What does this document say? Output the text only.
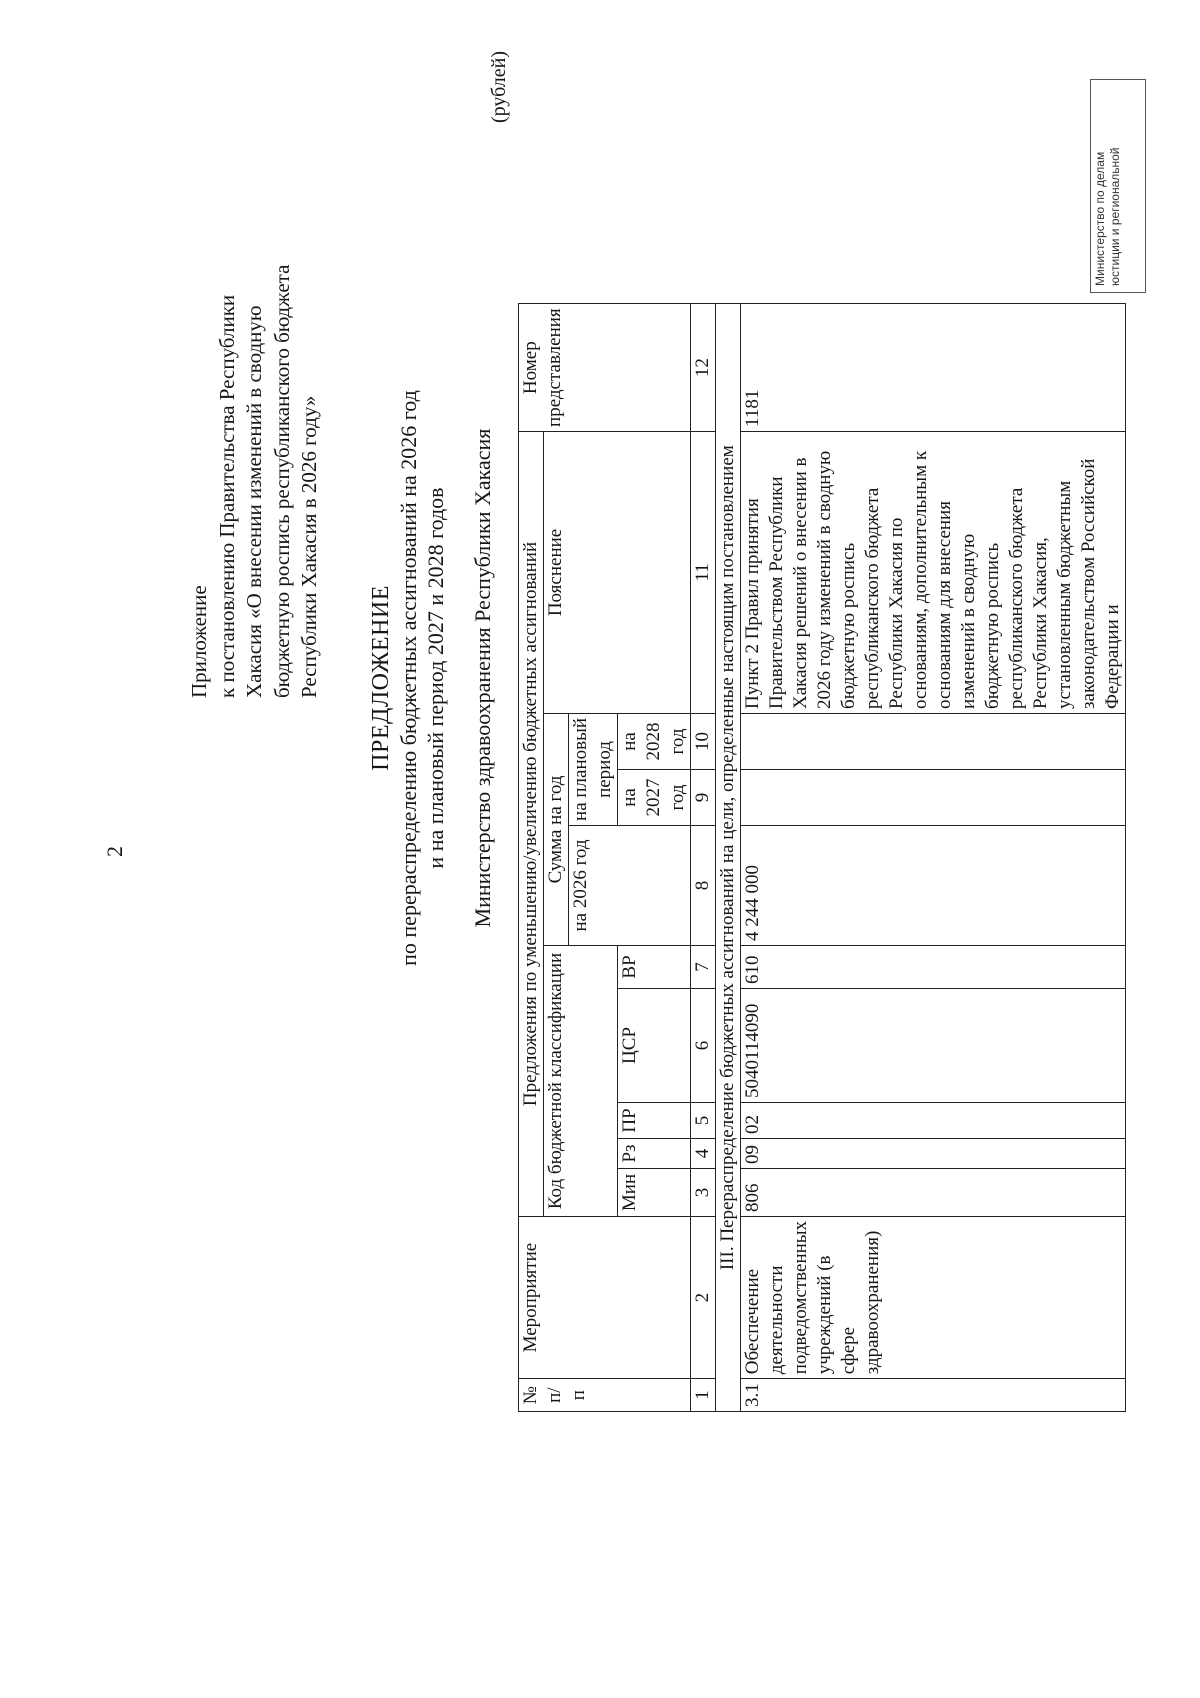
2
Приложение к постановлению Правительства Республики Хакасия «О внесении изменений в сводную бюджетную роспись республиканского бюджета Республики Хакасия в 2026 году» ПРЕДЛОЖЕНИЕ по перераспределению бюджетных ассигнований на 2026 год и на плановый период 2027 и 2028 годов Министерство здравоохранения Республики Хакасия
(рублей)
№ п/п	Мероприятие	Предложения по уменьшению/увеличению бюджетных ассигнований									Номер представления
		Код бюджетной классификации					Сумма на год			Пояснение	
							на 2026 год	на плановый период			
		Мин	Рз	ПР	ЦСР	ВР		на 2027 год	на 2028 год		
1	2	3	4	5	6	7	8	9	10	11	12
III. Перераспределение бюджетных ассигнований на цели, определенные настоящим постановлением											
3.1	Обеспечение деятельности подведомственных учреждений (в сфере здравоохранения)	806	09	02	5040114090	610	4 244 000			Пункт 2 Правил принятия Правительством Республики Хакасия решений о внесении в 2026 году изменений в сводную бюджетную роспись республиканского бюджета Республики Хакасия по основаниям, дополнительным к основаниям для внесения изменений в сводную бюджетную роспись республиканского бюджета Республики Хакасия, установленным бюджетным законодательством Российской Федерации и	1181
Министерство по делам юстиции и региональной
